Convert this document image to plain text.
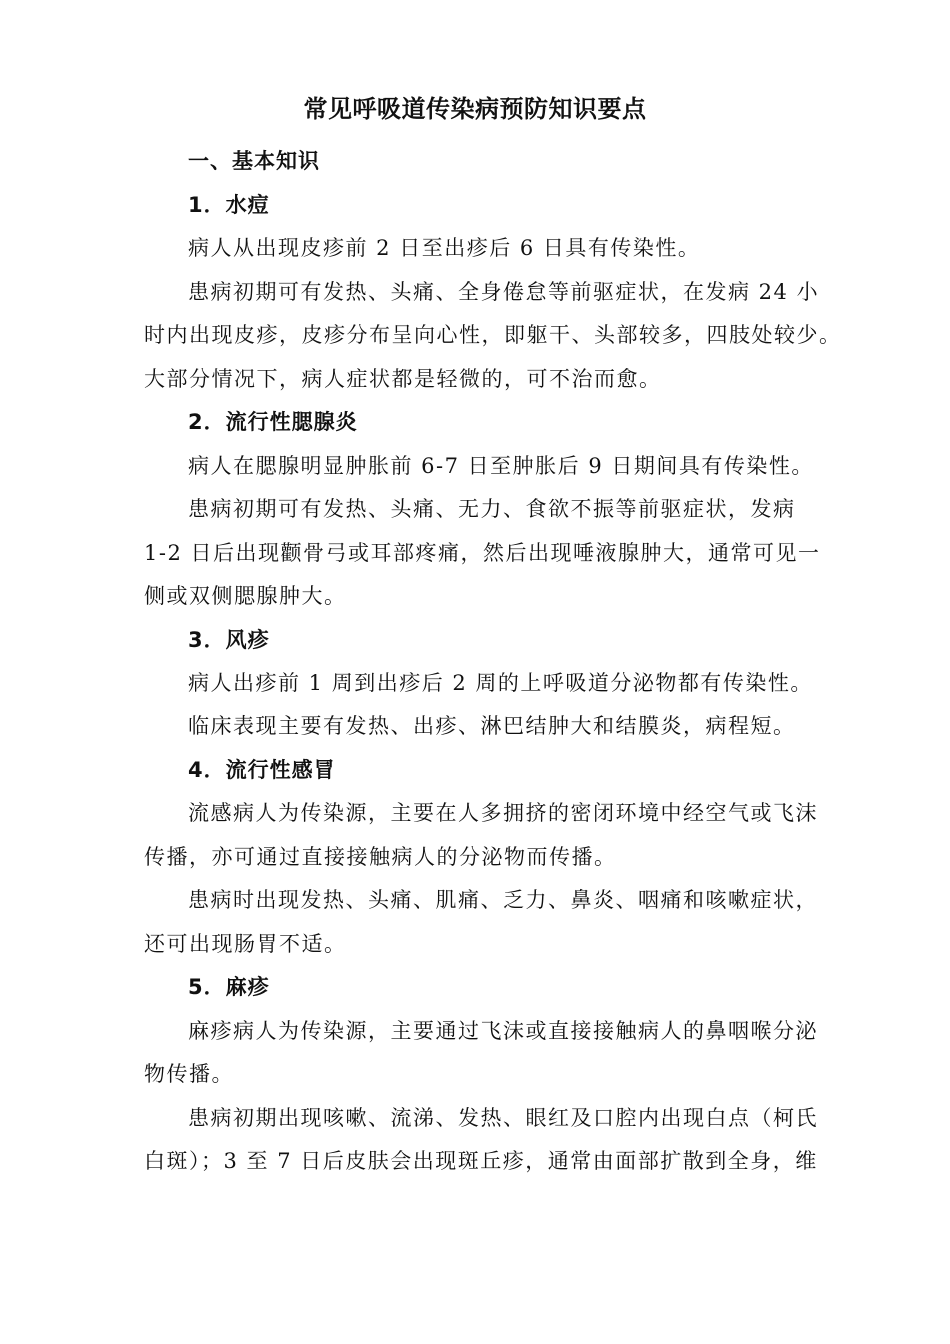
常见呼吸道传染病预防知识要点
一、基本知识
1．水痘
病人从出现皮疹前 2 日至出疹后 6 日具有传染性。
患病初期可有发热、头痛、全身倦怠等前驱症状，在发病 24 小
时内出现皮疹，皮疹分布呈向心性，即躯干、头部较多，四肢处较少。
大部分情况下，病人症状都是轻微的，可不治而愈。
2．流行性腮腺炎
病人在腮腺明显肿胀前 6-7 日至肿胀后 9 日期间具有传染性。
患病初期可有发热、头痛、无力、食欲不振等前驱症状，发病
1-2 日后出现颧骨弓或耳部疼痛，然后出现唾液腺肿大，通常可见一
侧或双侧腮腺肿大。
3．风疹
病人出疹前 1 周到出疹后 2 周的上呼吸道分泌物都有传染性。
临床表现主要有发热、出疹、淋巴结肿大和结膜炎，病程短。
4．流行性感冒
流感病人为传染源，主要在人多拥挤的密闭环境中经空气或飞沫
传播，亦可通过直接接触病人的分泌物而传播。
患病时出现发热、头痛、肌痛、乏力、鼻炎、咽痛和咳嗽症状，
还可出现肠胃不适。
5．麻疹
麻疹病人为传染源，主要通过飞沫或直接接触病人的鼻咽喉分泌
物传播。
患病初期出现咳嗽、流涕、发热、眼红及口腔内出现白点（柯氏
白斑）；3 至 7 日后皮肤会出现斑丘疹，通常由面部扩散到全身，维
